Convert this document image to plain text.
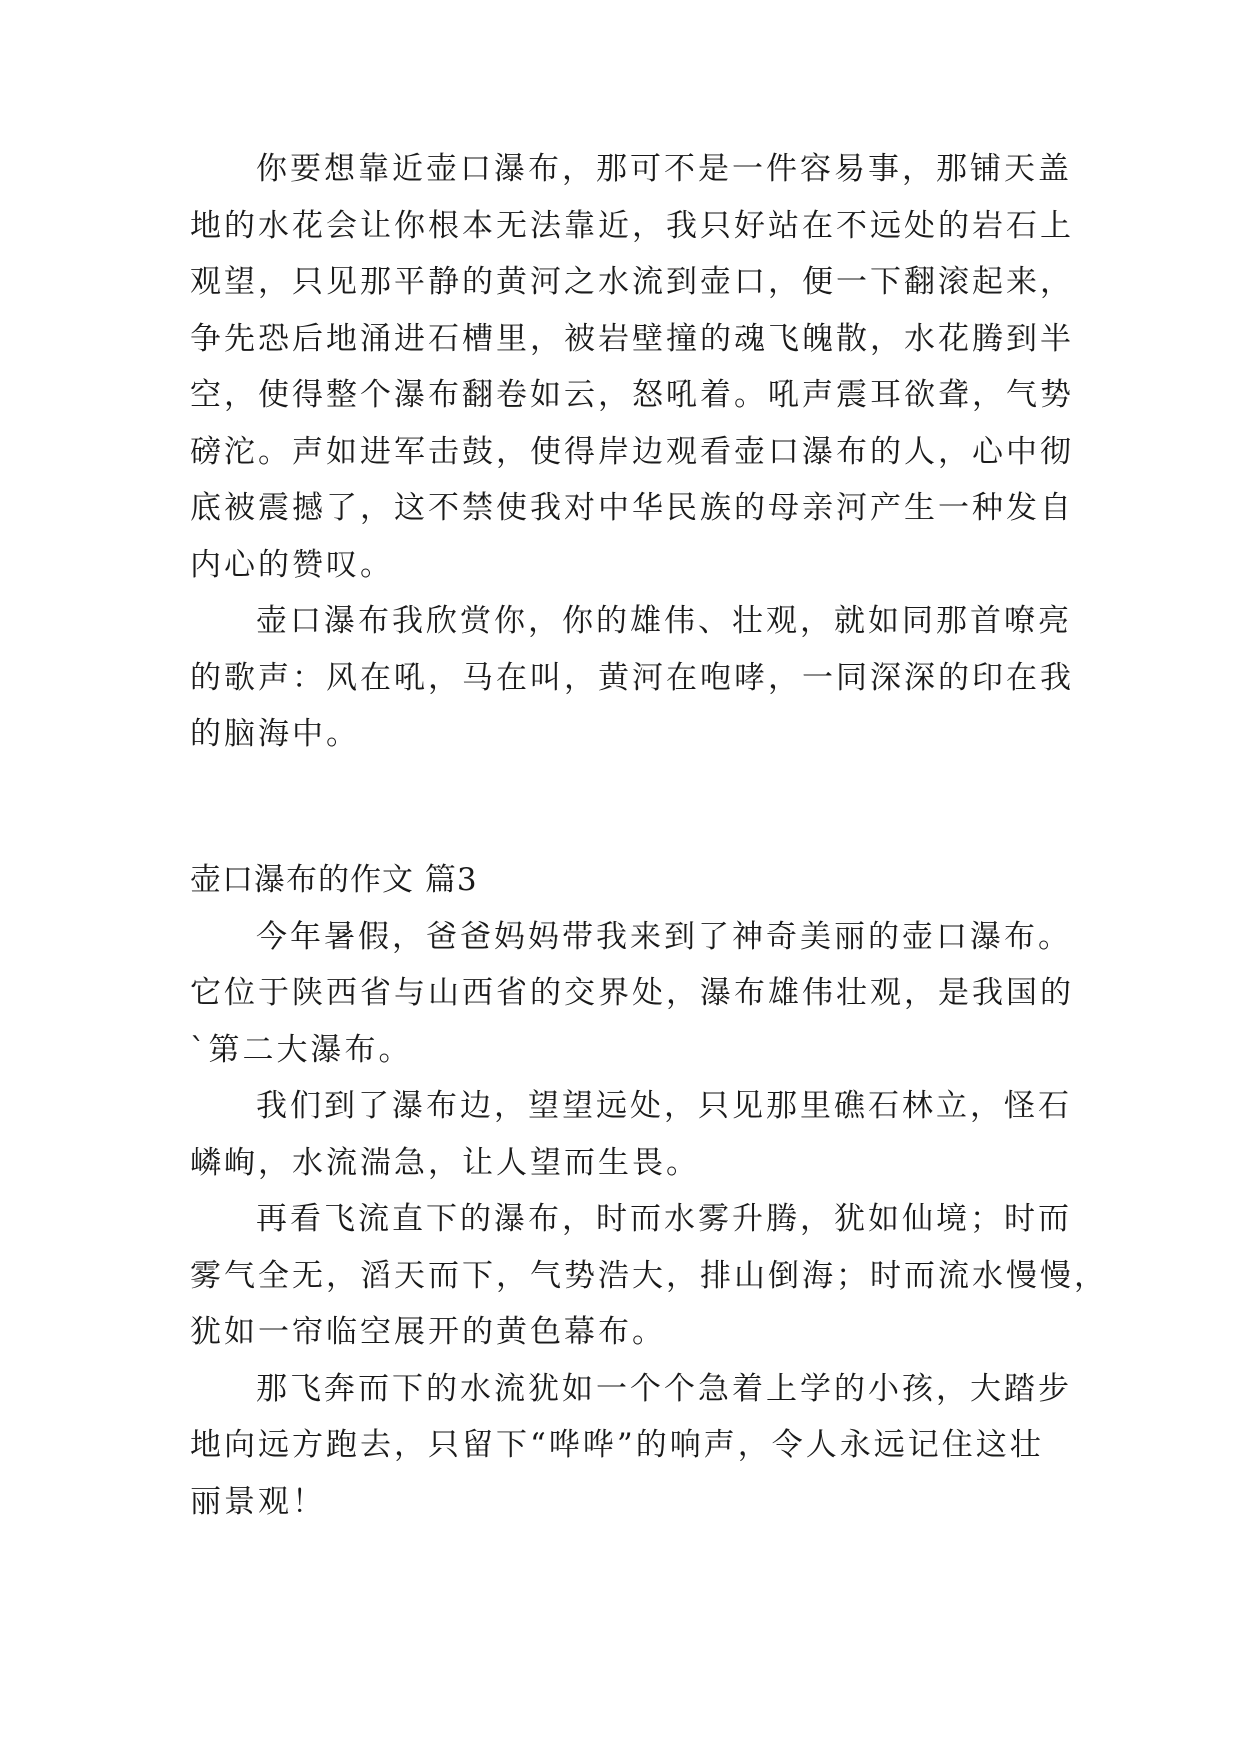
你要想靠近壶口瀑布，那可不是一件容易事，那铺天盖
地的水花会让你根本无法靠近，我只好站在不远处的岩石上
观望，只见那平静的黄河之水流到壶口，便一下翻滚起来，
争先恐后地涌进石槽里，被岩壁撞的魂飞魄散，水花腾到半
空，使得整个瀑布翻卷如云，怒吼着。吼声震耳欲聋，气势
磅沱。声如进军击鼓，使得岸边观看壶口瀑布的人，心中彻
底被震撼了，这不禁使我对中华民族的母亲河产生一种发自
内心的赞叹。
壶口瀑布我欣赏你，你的雄伟、壮观，就如同那首嘹亮
的歌声：风在吼，马在叫，黄河在咆哮，一同深深的印在我
的脑海中。
壶口瀑布的作文 篇3
今年暑假，爸爸妈妈带我来到了神奇美丽的壶口瀑布。
它位于陕西省与山西省的交界处，瀑布雄伟壮观，是我国的
`第二大瀑布。
我们到了瀑布边，望望远处，只见那里礁石林立，怪石
嶙峋，水流湍急，让人望而生畏。
再看飞流直下的瀑布，时而水雾升腾，犹如仙境；时而
雾气全无，滔天而下，气势浩大，排山倒海；时而流水慢慢，
犹如一帘临空展开的黄色幕布。
那飞奔而下的水流犹如一个个急着上学的小孩，大踏步
地向远方跑去，只留下“哗哗”的响声，令人永远记住这壮
丽景观！
